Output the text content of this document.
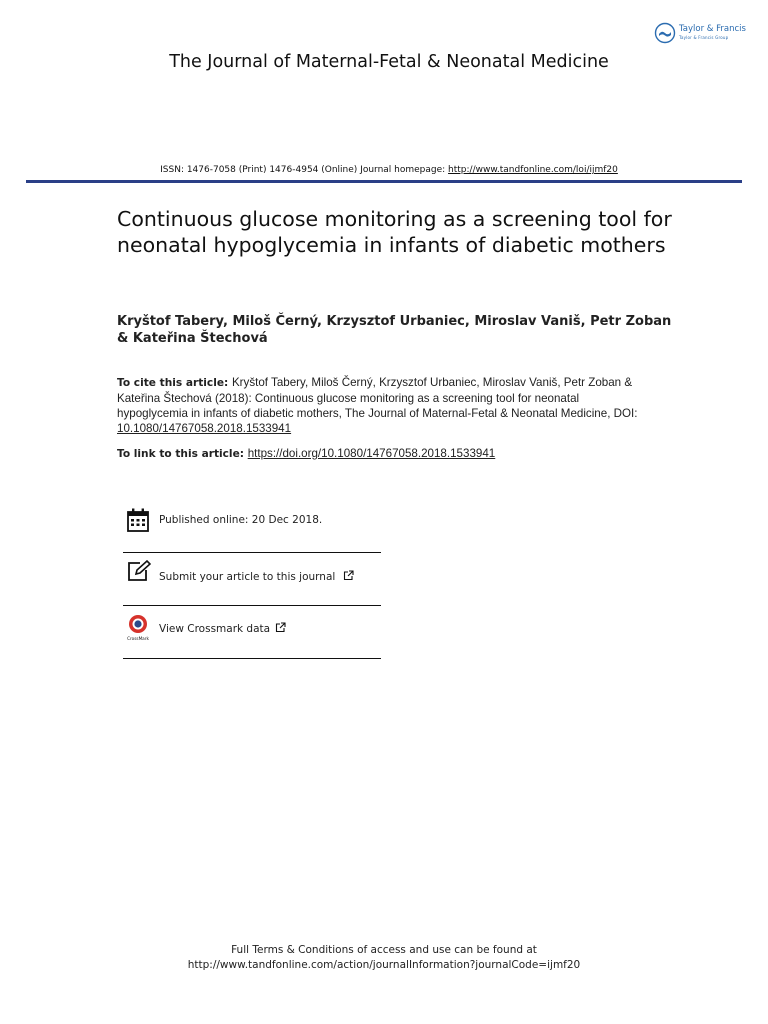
Taylor & Francis
Taylor & Francis Group
The Journal of Maternal-Fetal & Neonatal Medicine
ISSN: 1476-7058 (Print) 1476-4954 (Online) Journal homepage: http://www.tandfonline.com/loi/ijmf20
Continuous glucose monitoring as a screening tool for neonatal hypoglycemia in infants of diabetic mothers
Kryštof Tabery, Miloš Černý, Krzysztof Urbaniec, Miroslav Vaniš, Petr Zoban & Kateřina Štechová
To cite this article: Kryštof Tabery, Miloš Černý, Krzysztof Urbaniec, Miroslav Vaniš, Petr Zoban & Kateřina Štechová (2018): Continuous glucose monitoring as a screening tool for neonatal hypoglycemia in infants of diabetic mothers, The Journal of Maternal-Fetal & Neonatal Medicine, DOI: 10.1080/14767058.2018.1533941
To link to this article: https://doi.org/10.1080/14767058.2018.1533941
Published online: 20 Dec 2018.
Submit your article to this journal
CrossMark
View Crossmark data
Full Terms & Conditions of access and use can be found at
http://www.tandfonline.com/action/journalInformation?journalCode=ijmf20
